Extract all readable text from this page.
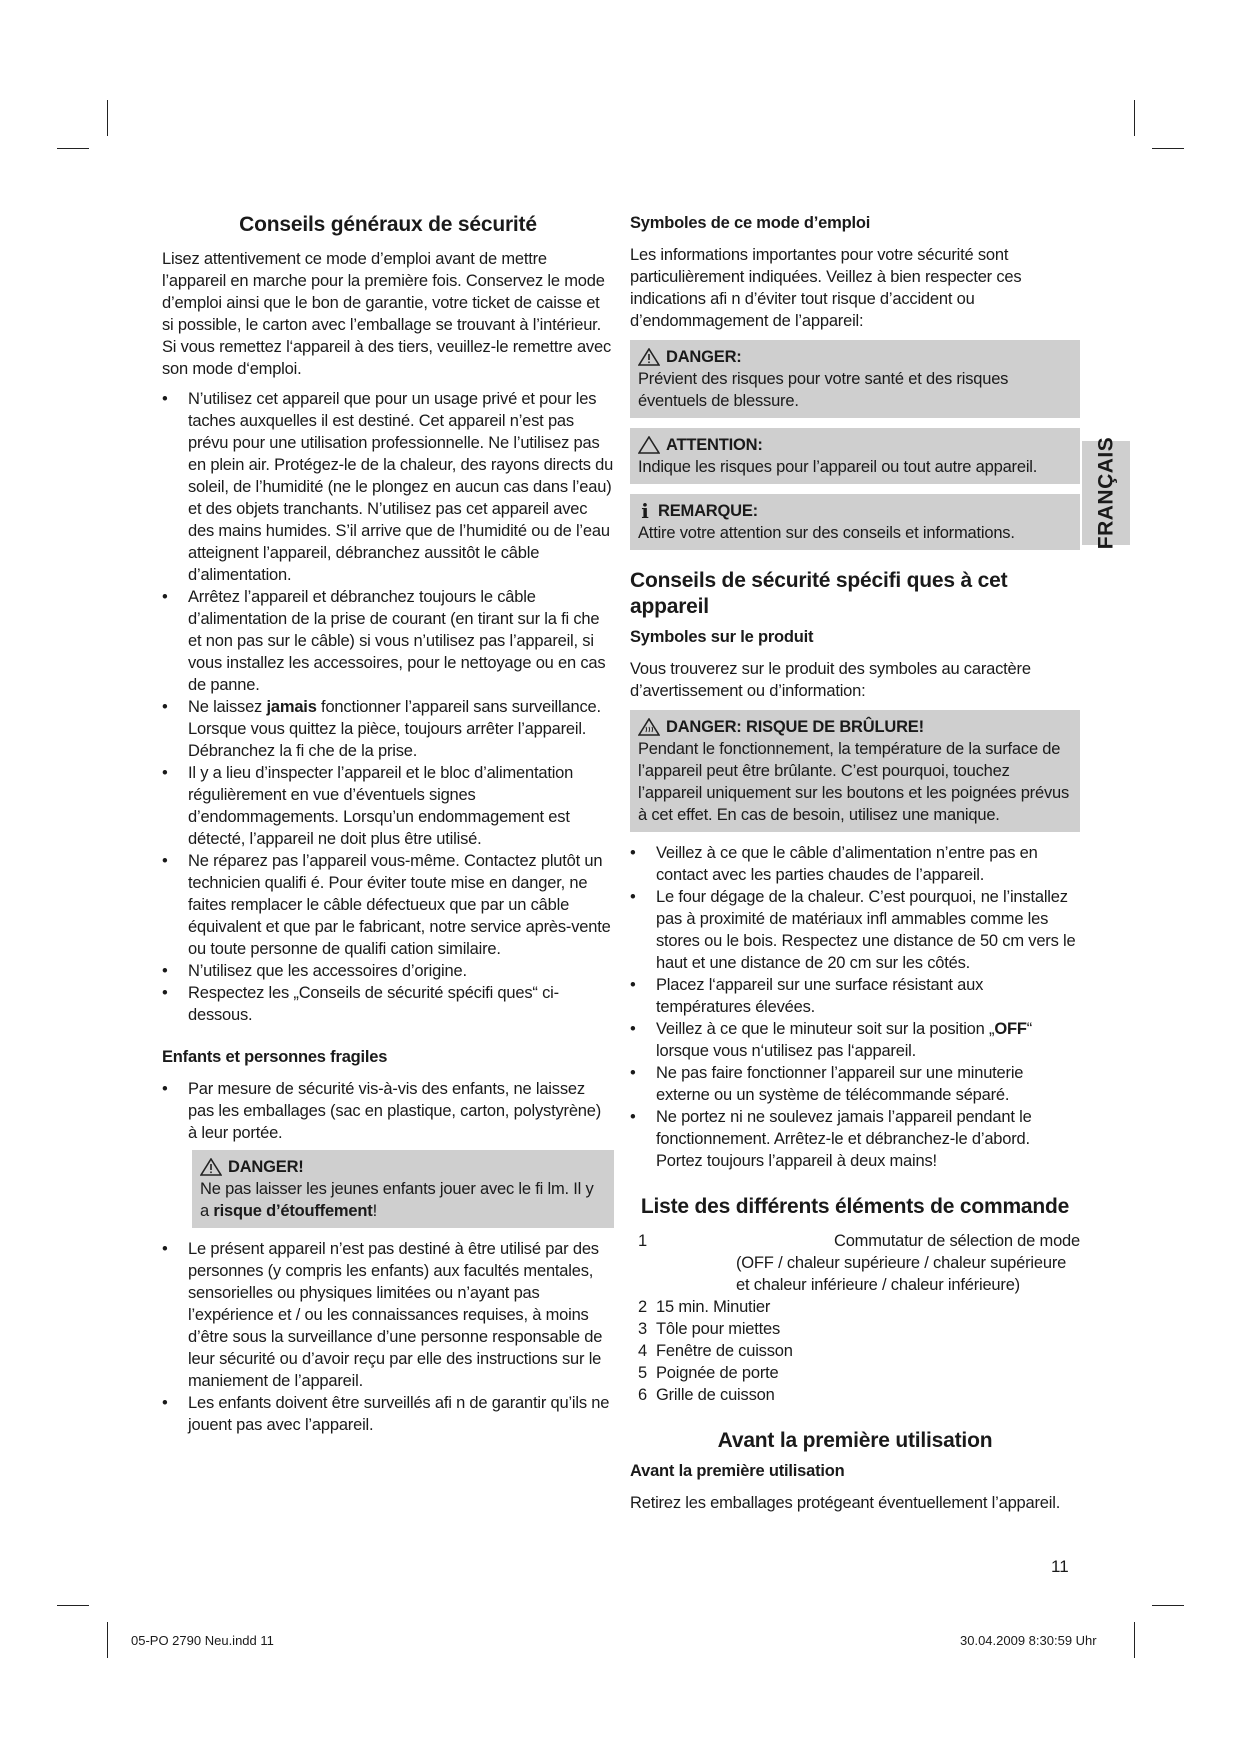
Conseils généraux de sécurité

Lisez attentivement ce mode d’emploi avant de mettre l’appareil en marche pour la première fois. Conservez le mode d’emploi ainsi que le bon de garantie, votre ticket de caisse et si possible, le carton avec l’emballage se trouvant à l’intérieur. Si vous remettez l‘appareil à des tiers, veuillez-le remettre avec son mode d‘emploi.

•	N’utilisez cet appareil que pour un usage privé et pour les taches auxquelles il est destiné. Cet appareil n’est pas prévu pour une utilisation professionnelle. Ne l’utilisez pas en plein air. Protégez-le de la chaleur, des rayons directs du soleil, de l’humidité (ne le plongez en aucun cas dans l’eau) et des objets tranchants. N’utilisez pas cet appareil avec des mains humides. S’il arrive que de l’humidité ou de l’eau atteignent l’appareil, débranchez aussitôt le câble d’alimentation.
•	Arrêtez l’appareil et débranchez toujours le câble d’alimentation de la prise de courant (en tirant sur la fi che et non pas sur le câble) si vous n’utilisez pas l’appareil, si vous installez les accessoires, pour le nettoyage ou en cas de panne.
•	Ne laissez jamais fonctionner l’appareil sans surveillance. Lorsque vous quittez la pièce, toujours arrêter l’appareil. Débranchez la fi che de la prise.
•	Il y a lieu d’inspecter l’appareil et le bloc d’alimentation régulièrement en vue d’éventuels signes d’endommagements. Lorsqu’un endommagement est détecté, l’appareil ne doit plus être utilisé.
•	Ne réparez pas l’appareil vous-même. Contactez plutôt un technicien qualifi é. Pour éviter toute mise en danger, ne faites remplacer le câble défectueux que par un câble équivalent et que par le fabricant, notre service après-vente ou toute personne de qualifi cation similaire.
•	N’utilisez que les accessoires d’origine.
•	Respectez les „Conseils de sécurité spécifi ques“ ci-dessous.
Enfants et personnes fragiles
•	Par mesure de sécurité vis-à-vis des enfants, ne laissez pas les emballages (sac en plastique, carton, polystyrène) à leur portée.
DANGER!
Ne pas laisser les jeunes enfants jouer avec le fi lm. Il y a risque d’étouffement!
•	Le présent appareil n’est pas destiné à être utilisé par des personnes (y compris les enfants) aux facultés mentales, sensorielles ou physiques limitées ou n’ayant pas l’expérience et / ou les connaissances requises, à moins d’être sous la surveillance d’une personne responsable de leur sécurité ou d’avoir reçu par elle des instructions sur le maniement de l’appareil.
•	Les enfants doivent être surveillés afi n de garantir qu’ils ne jouent pas avec l’appareil.
Symboles de ce mode d’emploi

Les informations importantes pour votre sécurité sont particulièrement indiquées. Veillez à bien respecter ces indications afi n d’éviter tout risque d’accident ou d’endommagement de l’appareil:

DANGER:
Prévient des risques pour votre santé et des risques éventuels de blessure.
ATTENTION:
Indique les risques pour l’appareil ou tout autre appareil.
i REMARQUE:
Attire votre attention sur des conseils et informations.
Conseils de sécurité spécifi ques à cet appareil
Symboles sur le produit

Vous trouverez sur le produit des symboles au caractère d’avertissement ou d’information:

DANGER: RISQUE DE BRÛLURE!
Pendant le fonctionnement, la température de la surface de l’appareil peut être brûlante. C’est pourquoi, touchez l’appareil uniquement sur les boutons et les poignées prévus à cet effet. En cas de besoin, utilisez une manique.
•	Veillez à ce que le câble d’alimentation n’entre pas en contact avec les parties chaudes de l’appareil.
•	Le four dégage de la chaleur. C’est pourquoi, ne l’installez pas à proximité de matériaux infl ammables comme les stores ou le bois. Respectez une distance de 50 cm vers le haut et une distance de 20 cm sur les côtés.
•	Placez l‘appareil sur une surface résistant aux températures élevées.
•	Veillez à ce que le minuteur soit sur la position „OFF“ lorsque vous n‘utilisez pas l‘appareil.
•	Ne pas faire fonctionner l’appareil sur une minuterie externe ou un système de télécommande séparé.
•	Ne portez ni ne soulevez jamais l’appareil pendant le fonctionnement. Arrêtez-le et débranchez-le d’abord. Portez toujours l’appareil à deux mains!
Liste des différents éléments de commande
1	Commutatur de sélection de mode
(OFF / chaleur supérieure / chaleur supérieure et chaleur inférieure / chaleur inférieure)
2 15 min. Minutier
3 Tôle pour miettes
4 Fenêtre de cuisson
5 Poignée de porte
6 Grille de cuisson
Avant la première utilisation
Avant la première utilisation

Retirez les emballages protégeant éventuellement l’appareil.

FRANÇAIS
11
05-PO 2790 Neu.indd 11	30.04.2009 8:30:59 Uhr
